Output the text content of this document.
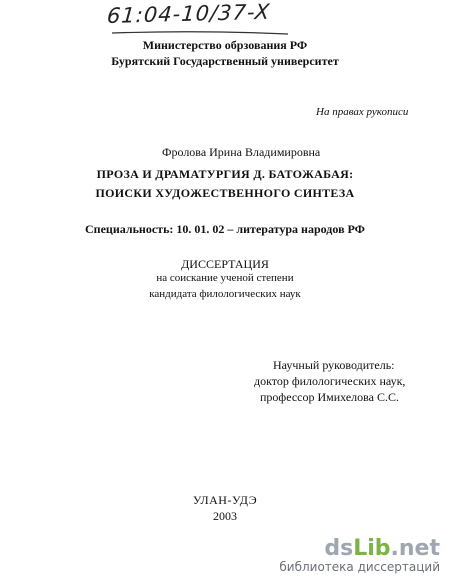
61:04-10/37-X
Министерство обрзования РФ
Бурятский Государственный университет
На правах рукописи
Фролова Ирина Владимировна
ПРОЗА И ДРАМАТУРГИЯ Д. БАТОЖАБАЯ:
ПОИСКИ ХУДОЖЕСТВЕННОГО СИНТЕЗА
Специальность: 10. 01. 02 – литература народов РФ
ДИССЕРТАЦИЯ
на соискание ученой степени
кандидата филологических наук
Научный руководитель:
доктор филологических наук,
профессор Имихелова С.С.
УЛАН-УДЭ
2003
dsLib.net
библиотека диссертаций
